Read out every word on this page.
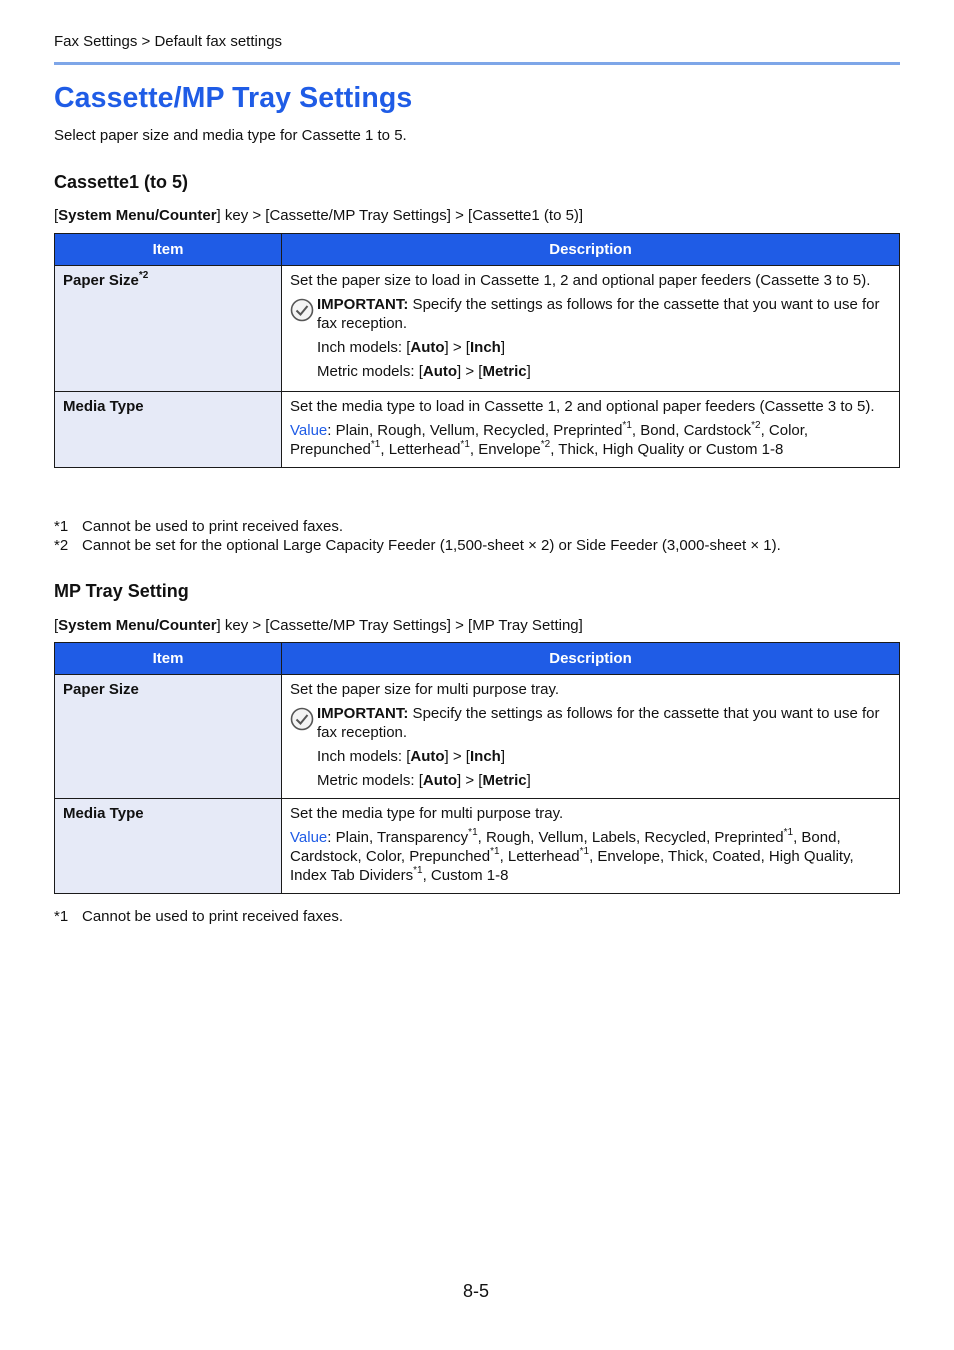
Fax Settings > Default fax settings
Cassette/MP Tray Settings

Select paper size and media type for Cassette 1 to 5.

Cassette1 (to 5)

[System Menu/Counter] key > [Cassette/MP Tray Settings] > [Cassette1 (to 5)]

Item	Description
Paper Size$^{*2}$	Set the paper size to load in Cassette 1, 2 and optional paper feeders (Cassette 3 to 5).
IMPORTANT: Specify the settings as follows for the cassette that you want to use for fax reception.
Inch models: [Auto] > [Inch]
Metric models: [Auto] > [Metric]

Media Type	Set the media type to load in Cassette 1, 2 and optional paper feeders (Cassette 3 to 5).
Value: Plain, Rough, Vellum, Recycled, Preprinted$^{*1}$, Bond, Cardstock$^{*2}$, Color, Prepunched$^{*1}$, Letterhead$^{*1}$, Envelope$^{*2}$, Thick, High Quality or Custom 1-8
*1 Cannot be used to print received faxes.
*2 Cannot be set for the optional Large Capacity Feeder (1,500-sheet × 2) or Side Feeder (3,000-sheet × 1).
MP Tray Setting

[System Menu/Counter] key > [Cassette/MP Tray Settings] > [MP Tray Setting]

Item	Description
Paper Size	Set the paper size for multi purpose tray.
IMPORTANT: Specify the settings as follows for the cassette that you want to use for fax reception.
Inch models: [Auto] > [Inch]
Metric models: [Auto] > [Metric]

Media Type	Set the media type for multi purpose tray.
Value: Plain, Transparency$^{*1}$, Rough, Vellum, Labels, Recycled, Preprinted$^{*1}$, Bond, Cardstock, Color, Prepunched$^{*1}$, Letterhead$^{*1}$, Envelope, Thick, Coated, High Quality, Index Tab Dividers$^{*1}$, Custom 1-8
*1 Cannot be used to print received faxes.
8-5
